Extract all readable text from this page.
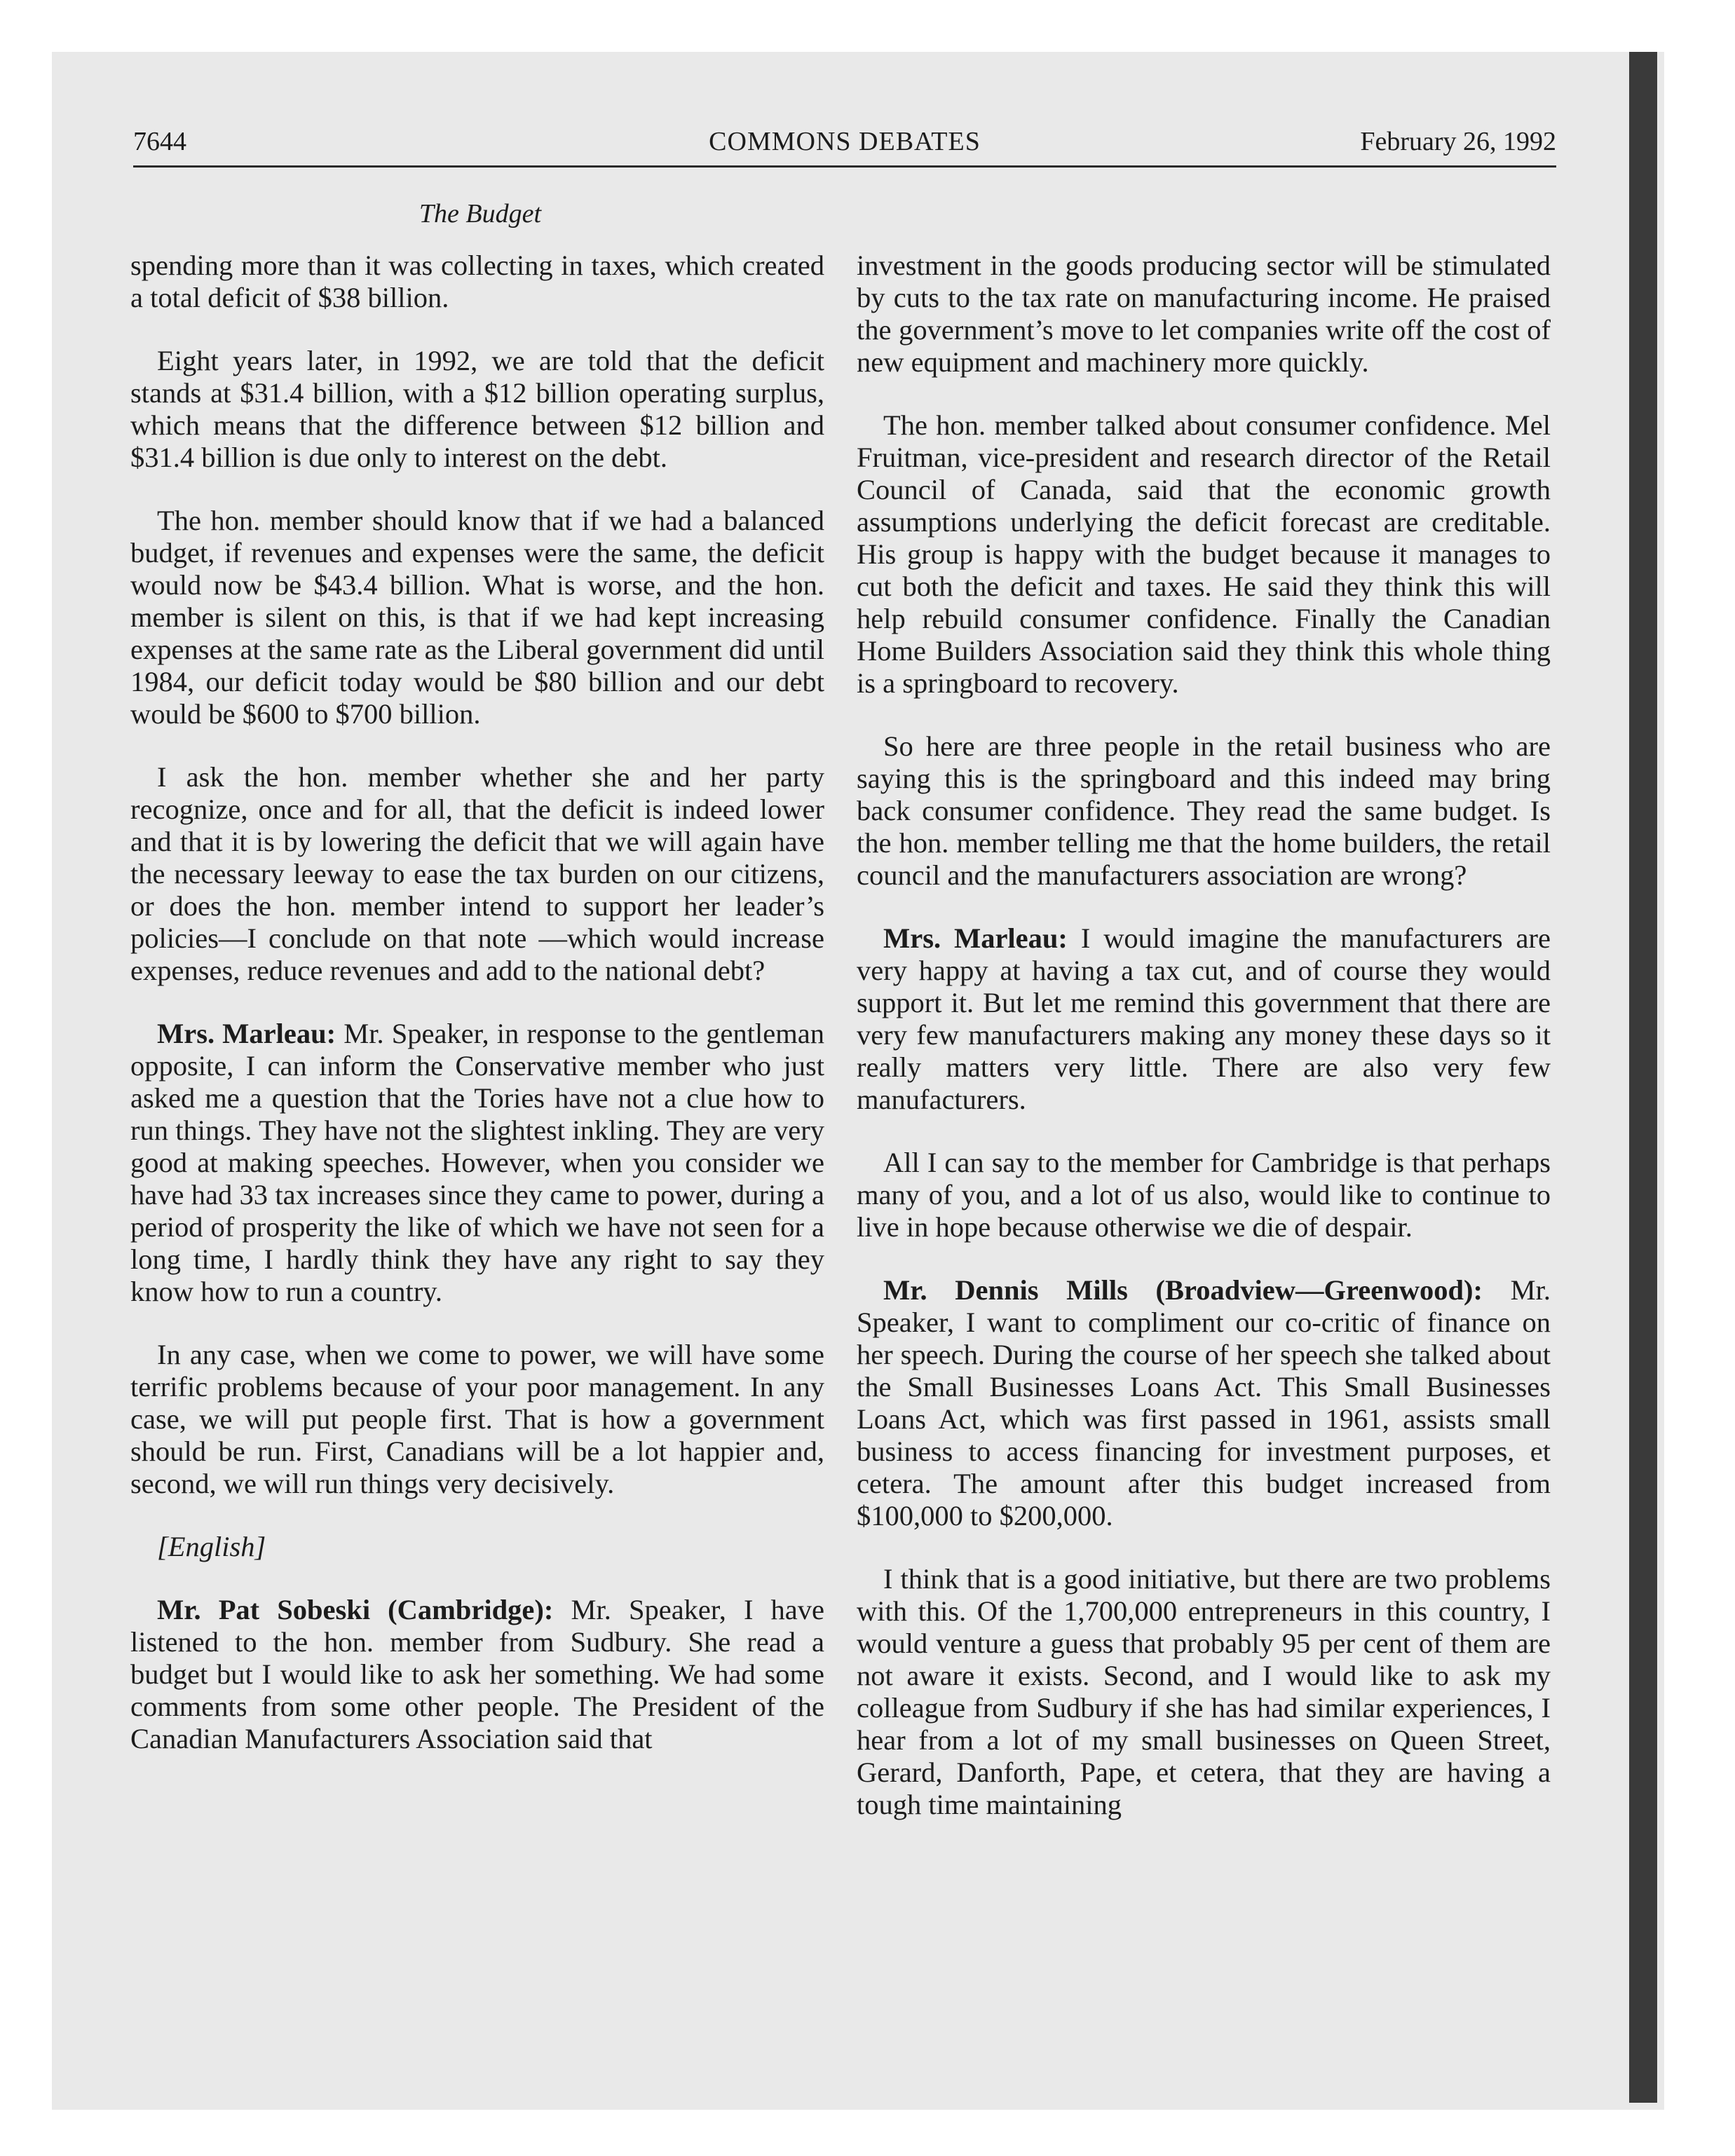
7644	COMMONS DEBATES	February 26, 1992
The Budget

spending more than it was collecting in taxes, which created a total deficit of $38 billion.

Eight years later, in 1992, we are told that the deficit stands at $31.4 billion, with a $12 billion operating surplus, which means that the difference between $12 billion and $31.4 billion is due only to interest on the debt.

The hon. member should know that if we had a balanced budget, if revenues and expenses were the same, the deficit would now be $43.4 billion. What is worse, and the hon. member is silent on this, is that if we had kept increasing expenses at the same rate as the Liberal government did until 1984, our deficit today would be $80 billion and our debt would be $600 to $700 billion.

I ask the hon. member whether she and her party recognize, once and for all, that the deficit is indeed lower and that it is by lowering the deficit that we will again have the necessary leeway to ease the tax burden on our citizens, or does the hon. member intend to support her leader’s policies—I conclude on that note —which would increase expenses, reduce revenues and add to the national debt?

Mrs. Marleau: Mr. Speaker, in response to the gentleman opposite, I can inform the Conservative member who just asked me a question that the Tories have not a clue how to run things. They have not the slightest inkling. They are very good at making speeches. However, when you consider we have had 33 tax increases since they came to power, during a period of prosperity the like of which we have not seen for a long time, I hardly think they have any right to say they know how to run a country.

In any case, when we come to power, we will have some terrific problems because of your poor management. In any case, we will put people first. That is how a government should be run. First, Canadians will be a lot happier and, second, we will run things very decisively.

[English]

Mr. Pat Sobeski (Cambridge): Mr. Speaker, I have listened to the hon. member from Sudbury. She read a budget but I would like to ask her something. We had some comments from some other people. The President of the Canadian Manufacturers Association said that

investment in the goods producing sector will be stimulated by cuts to the tax rate on manufacturing income. He praised the government’s move to let companies write off the cost of new equipment and machinery more quickly.

The hon. member talked about consumer confidence. Mel Fruitman, vice-president and research director of the Retail Council of Canada, said that the economic growth assumptions underlying the deficit forecast are creditable. His group is happy with the budget because it manages to cut both the deficit and taxes. He said they think this will help rebuild consumer confidence. Finally the Canadian Home Builders Association said they think this whole thing is a springboard to recovery.

So here are three people in the retail business who are saying this is the springboard and this indeed may bring back consumer confidence. They read the same budget. Is the hon. member telling me that the home builders, the retail council and the manufacturers association are wrong?

Mrs. Marleau: I would imagine the manufacturers are very happy at having a tax cut, and of course they would support it. But let me remind this government that there are very few manufacturers making any money these days so it really matters very little. There are also very few manufacturers.

All I can say to the member for Cambridge is that perhaps many of you, and a lot of us also, would like to continue to live in hope because otherwise we die of despair.

Mr. Dennis Mills (Broadview—Greenwood): Mr. Speaker, I want to compliment our co-critic of finance on her speech. During the course of her speech she talked about the Small Businesses Loans Act. This Small Businesses Loans Act, which was first passed in 1961, assists small business to access financing for investment purposes, et cetera. The amount after this budget increased from $100,000 to $200,000.

I think that is a good initiative, but there are two problems with this. Of the 1,700,000 entrepreneurs in this country, I would venture a guess that probably 95 per cent of them are not aware it exists. Second, and I would like to ask my colleague from Sudbury if she has had similar experiences, I hear from a lot of my small businesses on Queen Street, Gerard, Danforth, Pape, et cetera, that they are having a tough time maintaining
